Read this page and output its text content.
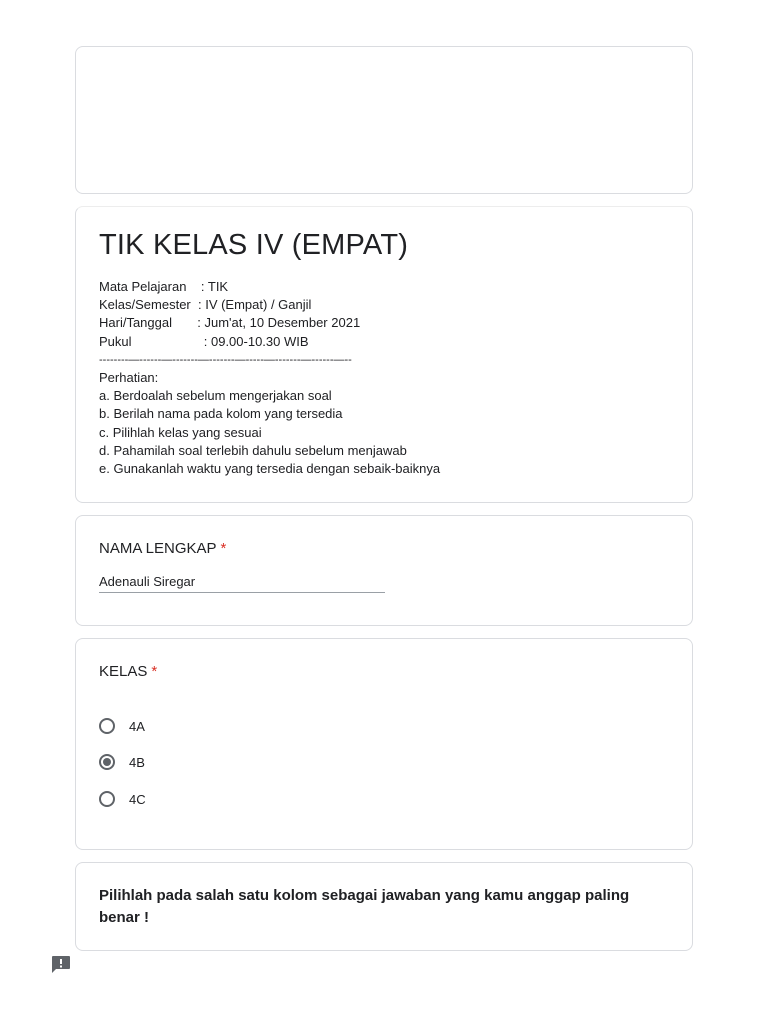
TIK KELAS IV (EMPAT)
Mata Pelajaran    : TIK
Kelas/Semester  : IV (Empat) / Ganjil
Hari/Tanggal       : Jum'at, 10 Desember 2021
Pukul                    : 09.00-10.30 WIB
--------—------—-------—-------—-----—-------—------—--
Perhatian:
a. Berdoalah sebelum mengerjakan soal
b. Berilah nama pada kolom yang tersedia
c. Pilihlah kelas yang sesuai
d. Pahamilah soal terlebih dahulu sebelum menjawab
e. Gunakanlah waktu yang tersedia dengan sebaik-baiknya
NAMA LENGKAP *
Adenauli Siregar
KELAS *
4A
4B
4C
Pilihlah pada salah satu kolom sebagai jawaban yang kamu anggap paling benar !
